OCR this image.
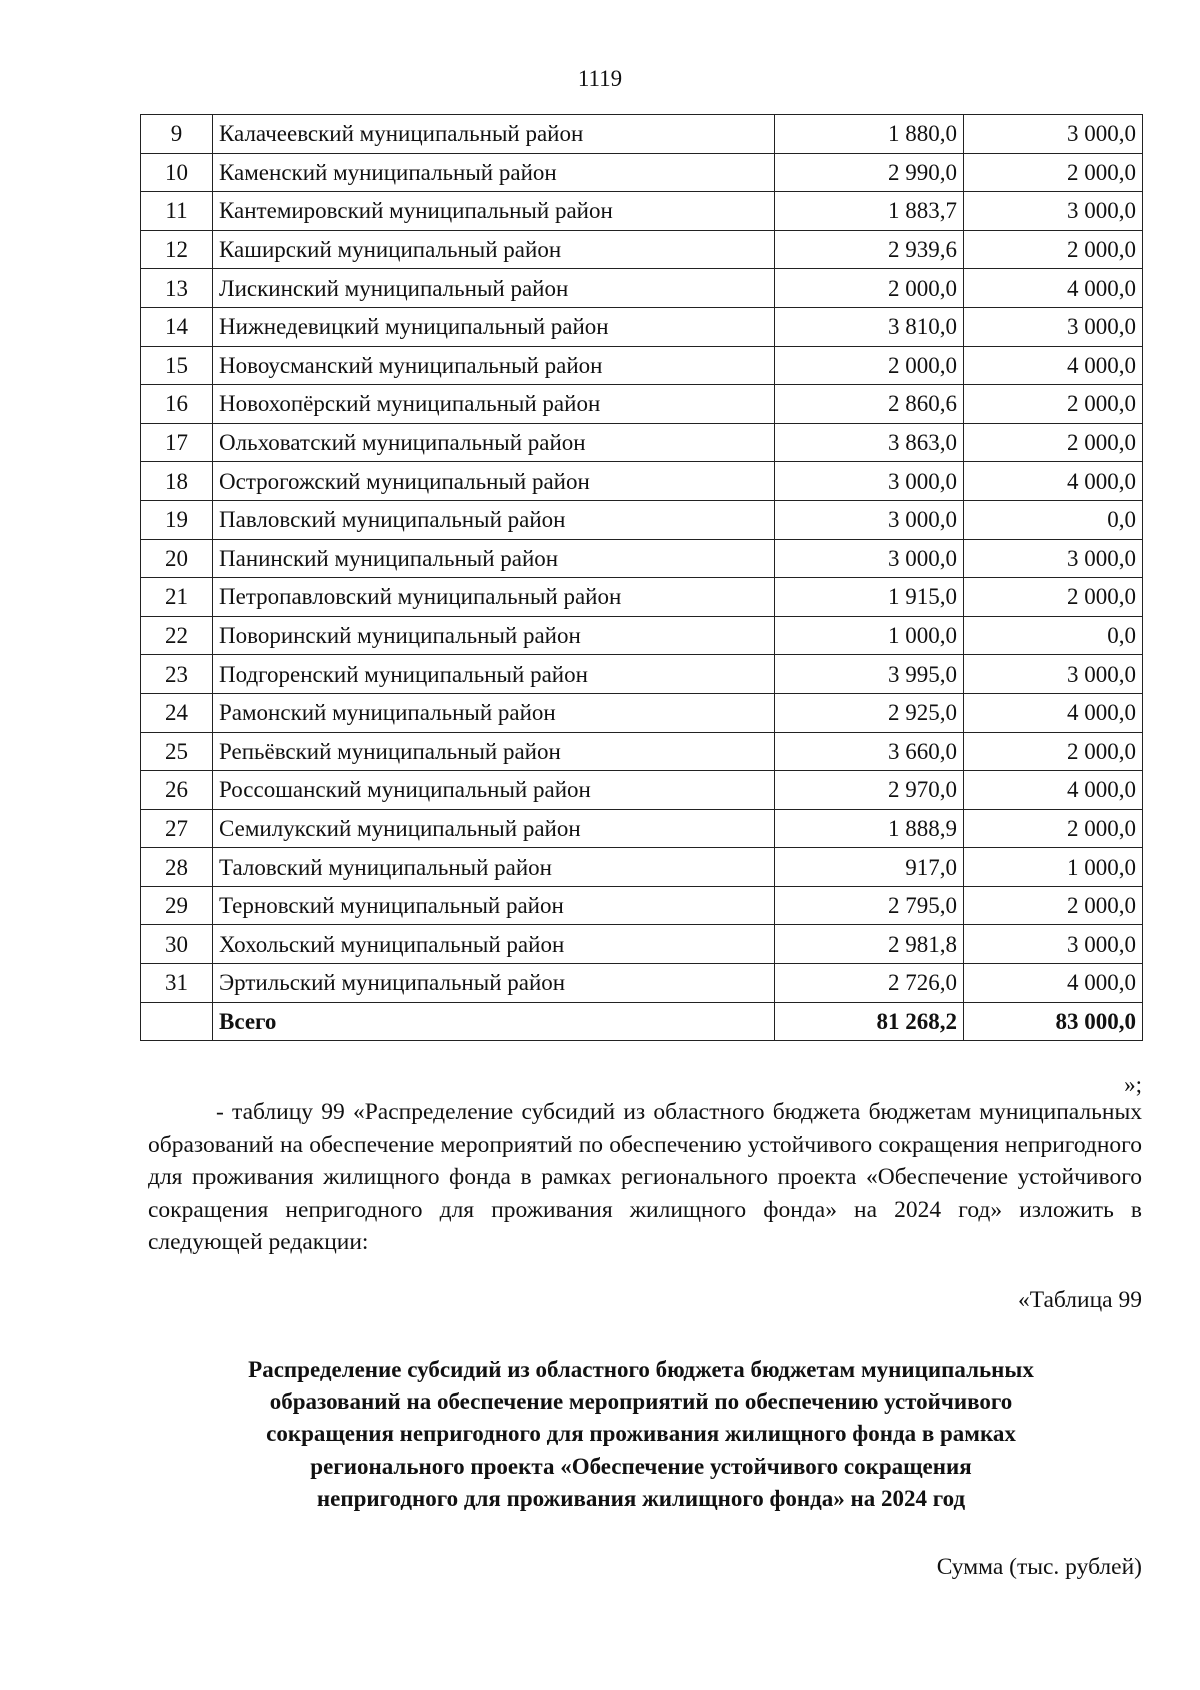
1119
9	Калачеевский муниципальный район	1 880,0	3 000,0
10	Каменский муниципальный район	2 990,0	2 000,0
11	Кантемировский муниципальный район	1 883,7	3 000,0
12	Каширский муниципальный район	2 939,6	2 000,0
13	Лискинский муниципальный район	2 000,0	4 000,0
14	Нижнедевицкий муниципальный район	3 810,0	3 000,0
15	Новоусманский муниципальный район	2 000,0	4 000,0
16	Новохопёрский муниципальный район	2 860,6	2 000,0
17	Ольховатский муниципальный район	3 863,0	2 000,0
18	Острогожский муниципальный район	3 000,0	4 000,0
19	Павловский муниципальный район	3 000,0	0,0
20	Панинский муниципальный район	3 000,0	3 000,0
21	Петропавловский муниципальный район	1 915,0	2 000,0
22	Поворинский муниципальный район	1 000,0	0,0
23	Подгоренский муниципальный район	3 995,0	3 000,0
24	Рамонский муниципальный район	2 925,0	4 000,0
25	Репьёвский муниципальный район	3 660,0	2 000,0
26	Россошанский муниципальный район	2 970,0	4 000,0
27	Семилукский муниципальный район	1 888,9	2 000,0
28	Таловский муниципальный район	917,0	1 000,0
29	Терновский муниципальный район	2 795,0	2 000,0
30	Хохольский муниципальный район	2 981,8	3 000,0
31	Эртильский муниципальный район	2 726,0	4 000,0
	Всего	81 268,2	83 000,0
»;

- таблицу 99 «Распределение субсидий из областного бюджета бюджетам муниципальных образований на обеспечение мероприятий по обеспечению устойчивого сокращения непригодного для проживания жилищного фонда в рамках регионального проекта «Обеспечение устойчивого сокращения непригодного для проживания жилищного фонда» на 2024 год» изложить в следующей редакции:

«Таблица 99
Распределение субсидий из областного бюджета бюджетам муниципальных
образований на обеспечение мероприятий по обеспечению устойчивого
сокращения непригодного для проживания жилищного фонда в рамках
регионального проекта «Обеспечение устойчивого сокращения
непригодного для проживания жилищного фонда» на 2024 год
Сумма (тыс. рублей)
